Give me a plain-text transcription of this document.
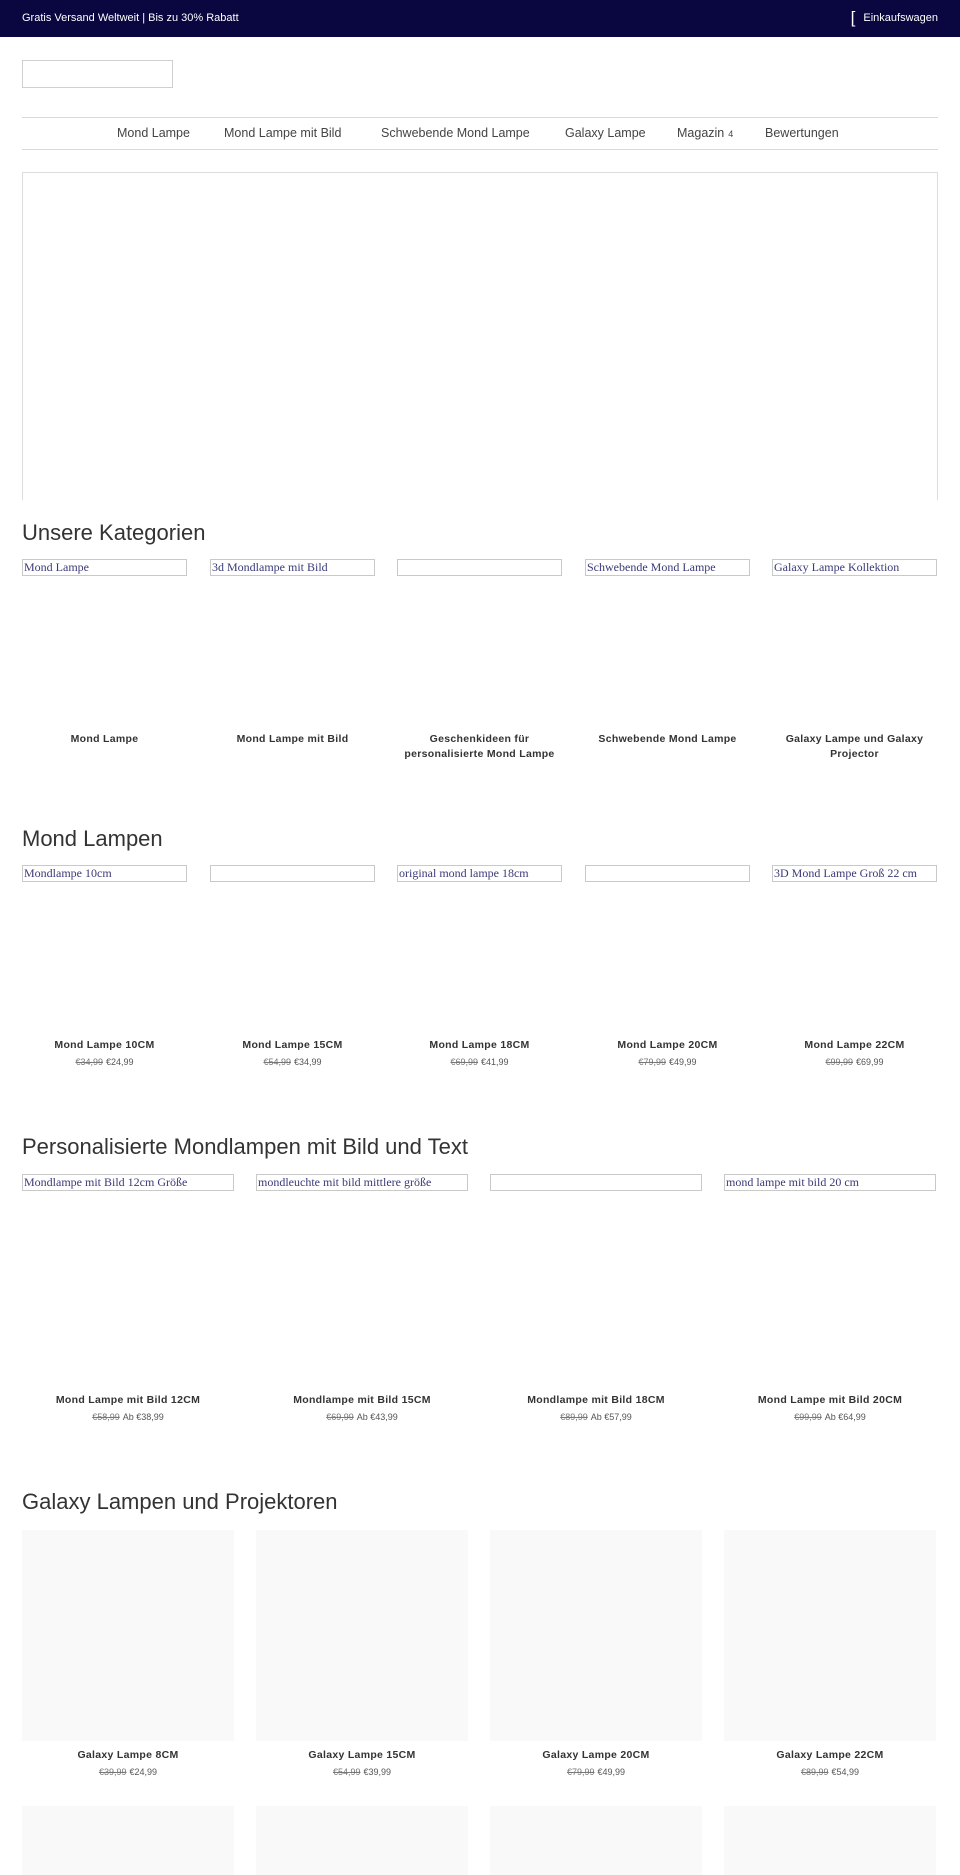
Gratis Versand Weltweit | Bis zu 30% Rabatt	[ Einkaufswagen
Mond Lampe	Mond Lampe mit Bild	Schwebende Mond Lampe	Galaxy Lampe	Magazin 4	Bewertungen
Unsere Kategorien
Mond Lampe	3d Mondlampe mit Bild	Schwebende Mond Lampe	Galaxy Lampe Kollektion
Mond Lampe	Mond Lampe mit Bild	Geschenkideen für personalisierte Mond Lampe
Schwebende Mond Lampe	Galaxy Lampe und Galaxy Projector
Mond Lampen
Mondlampe 10cm	original mond lampe 18cm	3D Mond Lampe Groß 22 cm
Mond Lampe 10CM	Mond Lampe 15CM	Mond Lampe 18CM	Mond Lampe 20CM	Mond Lampe 22CM
€34,99 €24,99	€54,99 €34,99	€69,99 €41,99	€79,99 €49,99	€99,99 €69,99
Personalisierte Mondlampen mit Bild und Text
Mondlampe mit Bild 12cm Größe	mondleuchte mit bild mittlere größe	mond lampe mit bild 20 cm
Mond Lampe mit Bild 12CM	Mondlampe mit Bild 15CM	Mondlampe mit Bild 18CM	Mond Lampe mit Bild 20CM
€58,99 Ab €38,99	€69,99 Ab €43,99	€89,99 Ab €57,99	€99,99 Ab €64,99
Galaxy Lampen und Projektoren
Galaxy Lampe 8CM	Galaxy Lampe 15CM	Galaxy Lampe 20CM	Galaxy Lampe 22CM
€39,99 €24,99	€54,99 €39,99	€79,99 €49,99	€89,99 €54,99
